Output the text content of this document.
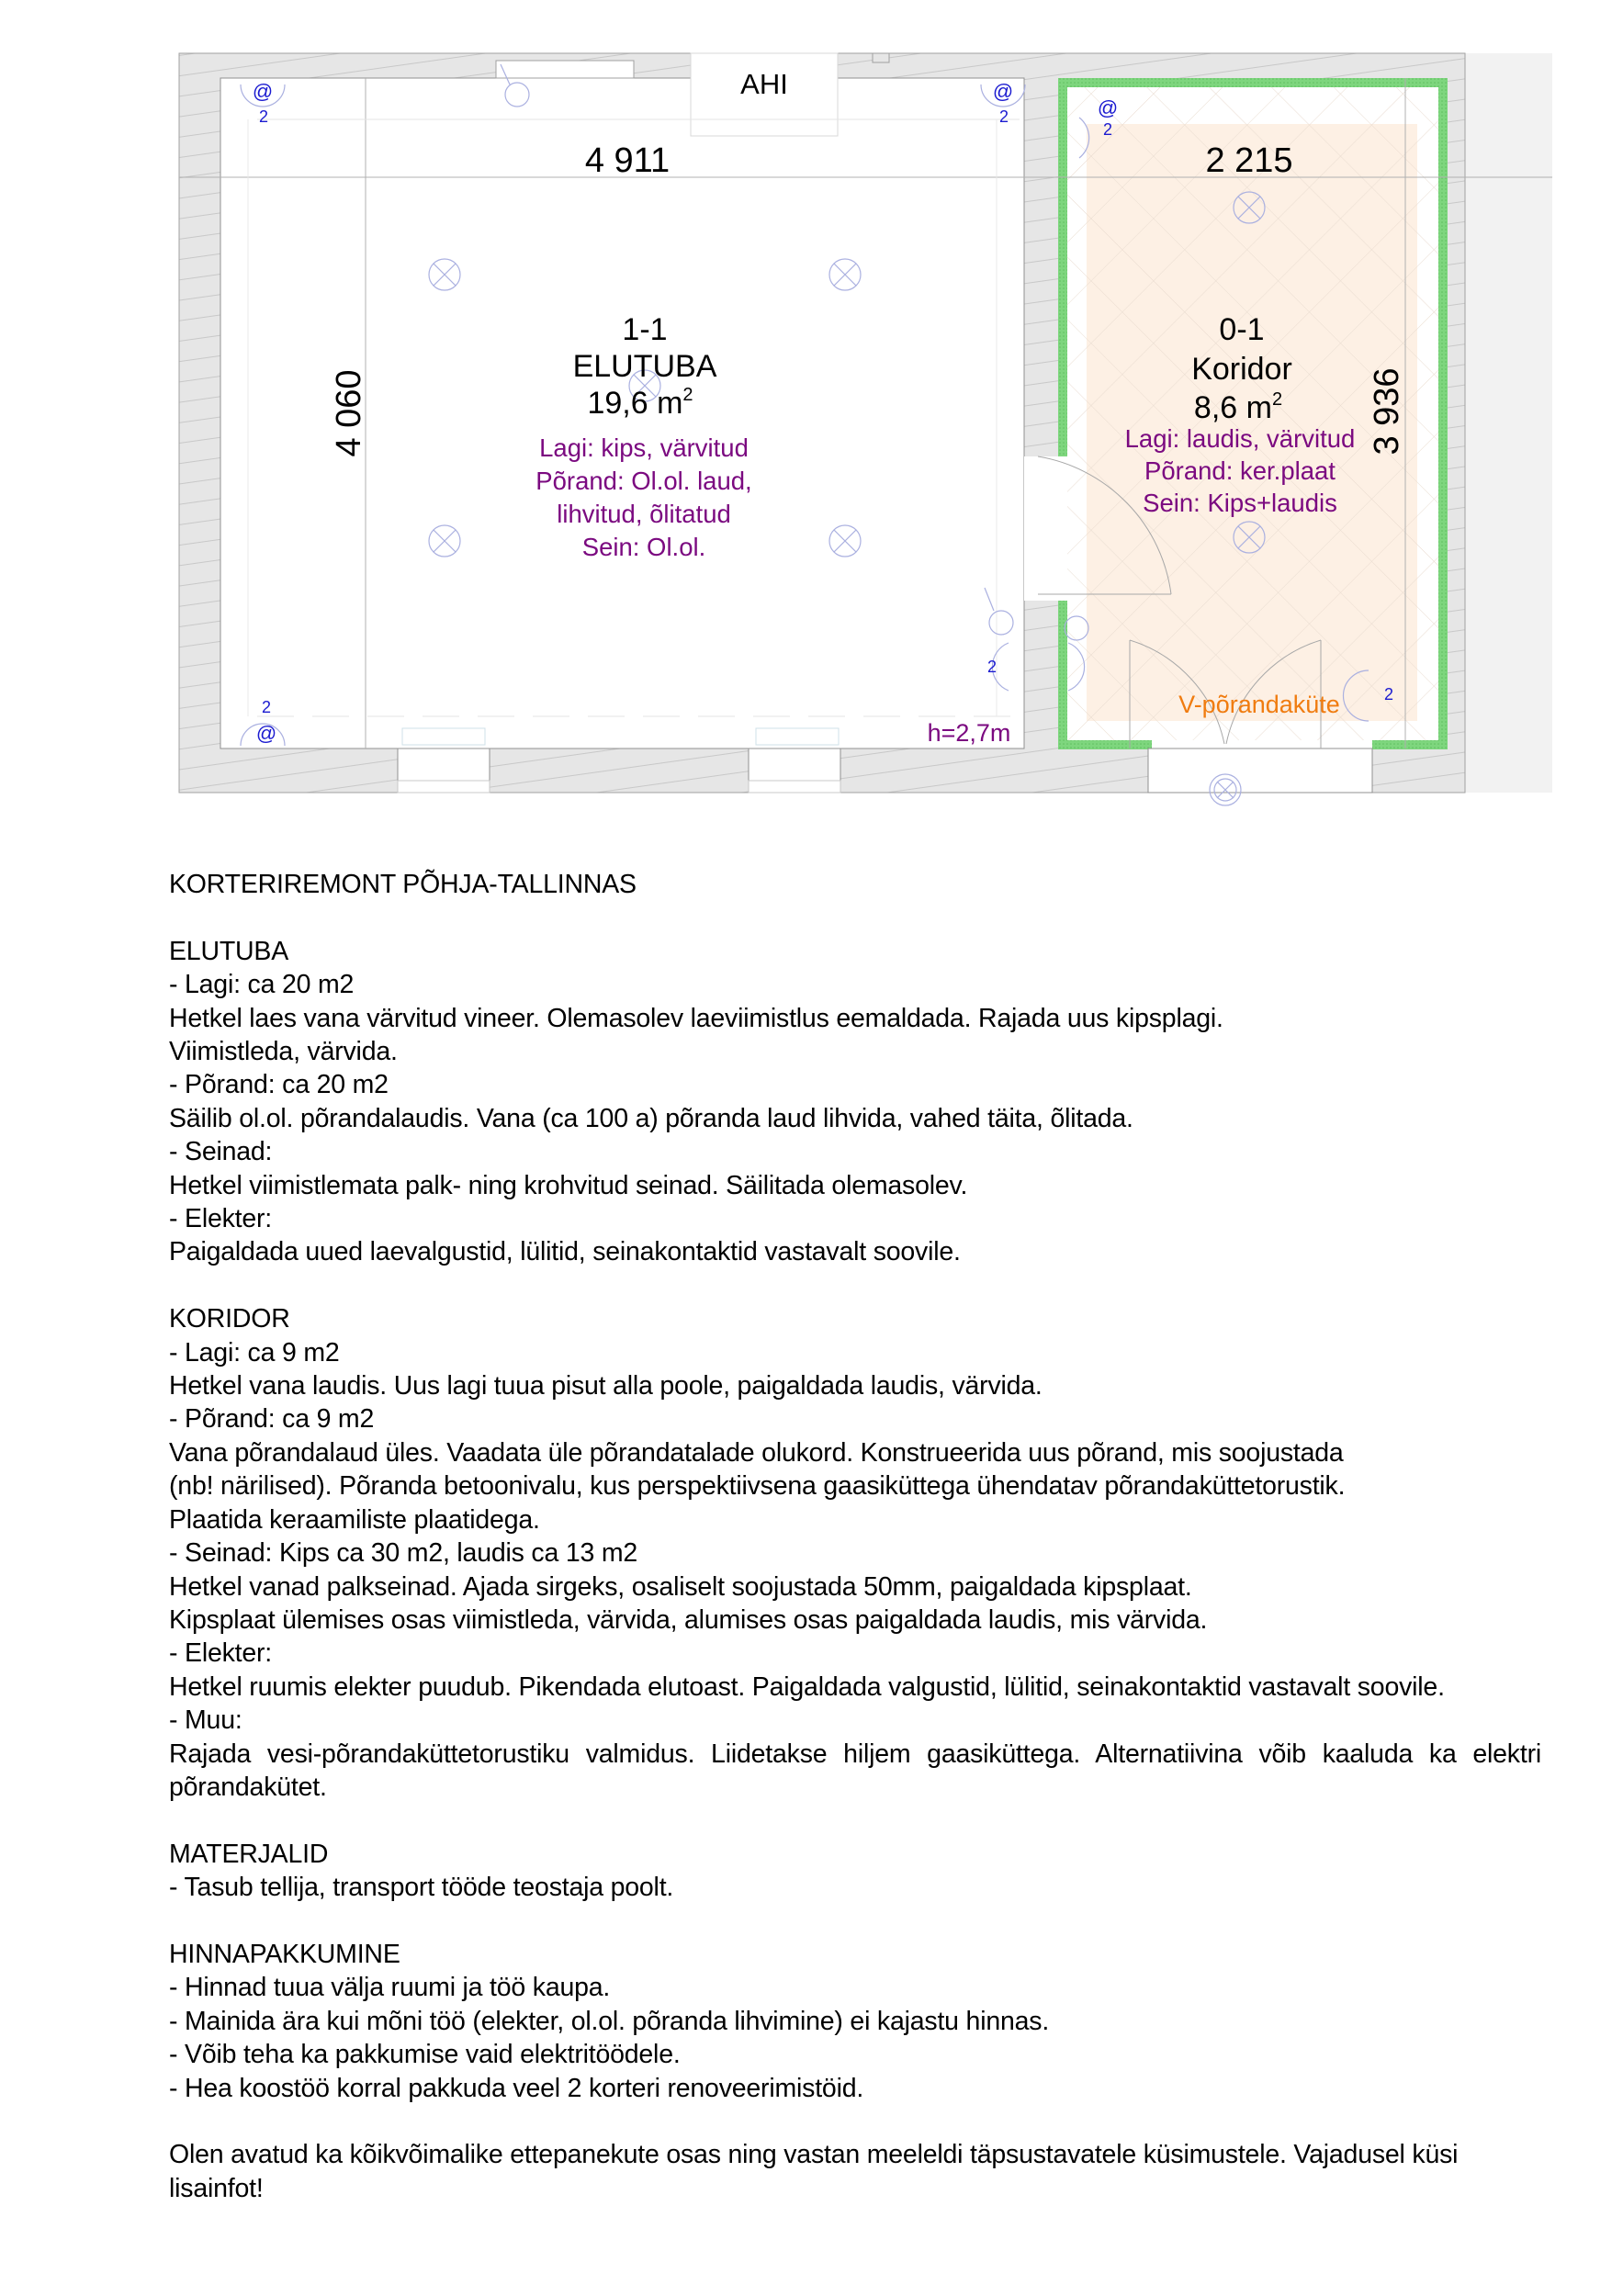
@
2
@
2	@
2
2
@
2
2
AHI
4 911	2 215
4 060	3 936
1-1
ELUTUBA
19,6 $m^2$
Lagi: kips, värvitud
Põrand: Ol.ol. laud,
lihvitud, õlitatud
Sein: Ol.ol.
h=2,7m
0-1
Koridor
8,6 $m^2$
Lagi: laudis, värvitud
Põrand: ker.plaat
Sein: Kips+laudis
V-põrandaküte

KORTERIREMONT PÕHJA-TALLINNAS

ELUTUBA

- Lagi: ca 20 m2

Hetkel laes vana värvitud vineer. Olemasolev laeviimistlus eemaldada. Rajada uus kipsplagi.

Viimistleda, värvida.

- Põrand: ca 20 m2

Säilib ol.ol. põrandalaudis. Vana (ca 100 a) põranda laud lihvida, vahed täita, õlitada.

- Seinad:

Hetkel viimistlemata palk- ning krohvitud seinad. Säilitada olemasolev.

- Elekter:

Paigaldada uued laevalgustid, lülitid, seinakontaktid vastavalt soovile.

KORIDOR

- Lagi: ca 9 m2

Hetkel vana laudis. Uus lagi tuua pisut alla poole, paigaldada laudis, värvida.

- Põrand: ca 9 m2

Vana põrandalaud üles. Vaadata üle põrandatalade olukord. Konstrueerida uus põrand, mis soojustada

(nb! närilised). Põranda betoonivalu, kus perspektiivsena gaasiküttega ühendatav põrandaküttetorustik.

Plaatida keraamiliste plaatidega.

- Seinad: Kips ca 30 m2, laudis ca 13 m2

Hetkel vanad palkseinad. Ajada sirgeks, osaliselt soojustada 50mm, paigaldada kipsplaat.

Kipsplaat ülemises osas viimistleda, värvida, alumises osas paigaldada laudis, mis värvida.

- Elekter:

Hetkel ruumis elekter puudub. Pikendada elutoast. Paigaldada valgustid, lülitid, seinakontaktid vastavalt soovile.

- Muu:

Rajada vesi-põrandaküttetorustiku valmidus. Liidetakse hiljem gaasiküttega. Alternatiivina võib kaaluda ka elektri põrandakütet.

MATERJALID

- Tasub tellija, transport tööde teostaja poolt.

HINNAPAKKUMINE

- Hinnad tuua välja ruumi ja töö kaupa.

- Mainida ära kui mõni töö (elekter, ol.ol. põranda lihvimine) ei kajastu hinnas.

- Võib teha ka pakkumise vaid elektritöödele.

- Hea koostöö korral pakkuda veel 2 korteri renoveerimistöid.

Olen avatud ka kõikvõimalike ettepanekute osas ning vastan meeleldi täpsustavatele küsimustele. Vajadusel küsi lisainfot!
